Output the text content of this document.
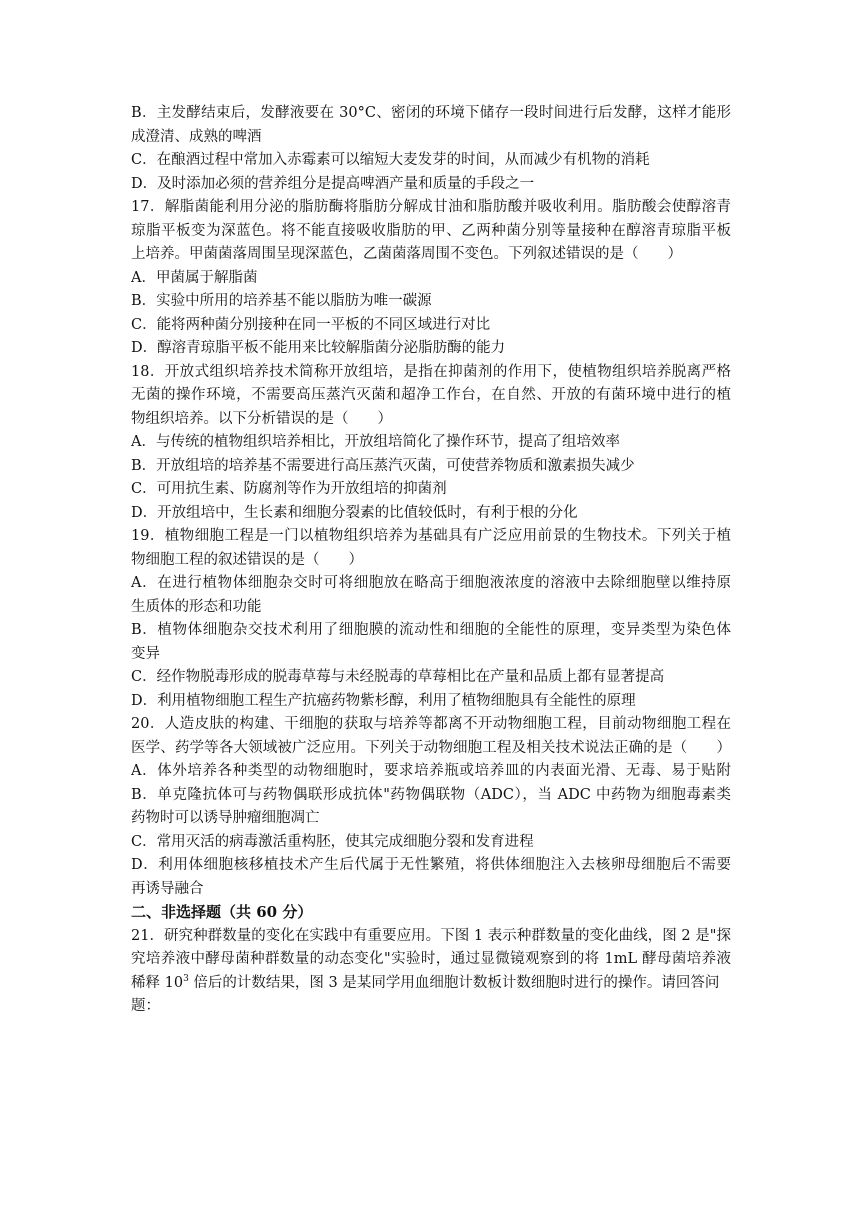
B．主发酵结束后，发酵液要在 30°C、密闭的环境下储存一段时间进行后发酵，这样才能形
成澄清、成熟的啤酒
C．在酿酒过程中常加入赤霉素可以缩短大麦发芽的时间，从而减少有机物的消耗
D．及时添加必须的营养组分是提高啤酒产量和质量的手段之一
17．解脂菌能利用分泌的脂肪酶将脂肪分解成甘油和脂肪酸并吸收利用。脂肪酸会使醇溶青
琼脂平板变为深蓝色。将不能直接吸收脂肪的甲、乙两种菌分别等量接种在醇溶青琼脂平板
上培养。甲菌菌落周围呈现深蓝色，乙菌菌落周围不变色。下列叙述错误的是（　　）
A．甲菌属于解脂菌
B．实验中所用的培养基不能以脂肪为唯一碳源
C．能将两种菌分别接种在同一平板的不同区域进行对比
D．醇溶青琼脂平板不能用来比较解脂菌分泌脂肪酶的能力
18．开放式组织培养技术简称开放组培，是指在抑菌剂的作用下，使植物组织培养脱离严格
无菌的操作环境，不需要高压蒸汽灭菌和超净工作台，在自然、开放的有菌环境中进行的植
物组织培养。以下分析错误的是（　　）
A．与传统的植物组织培养相比，开放组培简化了操作环节，提高了组培效率
B．开放组培的培养基不需要进行高压蒸汽灭菌，可使营养物质和激素损失减少
C．可用抗生素、防腐剂等作为开放组培的抑菌剂
D．开放组培中，生长素和细胞分裂素的比值较低时，有利于根的分化
19．植物细胞工程是一门以植物组织培养为基础具有广泛应用前景的生物技术。下列关于植
物细胞工程的叙述错误的是（　　）
A．在进行植物体细胞杂交时可将细胞放在略高于细胞液浓度的溶液中去除细胞壁以维持原
生质体的形态和功能
B．植物体细胞杂交技术利用了细胞膜的流动性和细胞的全能性的原理，变异类型为染色体
变异
C．经作物脱毒形成的脱毒草莓与未经脱毒的草莓相比在产量和品质上都有显著提高
D．利用植物细胞工程生产抗癌药物紫杉醇，利用了植物细胞具有全能性的原理
20．人造皮肤的构建、干细胞的获取与培养等都离不开动物细胞工程，目前动物细胞工程在
医学、药学等各大领域被广泛应用。下列关于动物细胞工程及相关技术说法正确的是（　　）
A．体外培养各种类型的动物细胞时，要求培养瓶或培养皿的内表面光滑、无毒、易于贴附
B．单克隆抗体可与药物偶联形成抗体"药物偶联物（ADC），当 ADC 中药物为细胞毒素类
药物时可以诱导肿瘤细胞凋亡
C．常用灭活的病毒激活重构胚，使其完成细胞分裂和发育进程
D．利用体细胞核移植技术产生后代属于无性繁殖，将供体细胞注入去核卵母细胞后不需要
再诱导融合
二、非选择题（共 60 分）
21．研究种群数量的变化在实践中有重要应用。下图 1 表示种群数量的变化曲线，图 2 是"探
究培养液中酵母菌种群数量的动态变化"实验时，通过显微镜观察到的将 1mL 酵母菌培养液
稀释 $10^3$ 倍后的计数结果，图 3 是某同学用血细胞计数板计数细胞时进行的操作。请回答问
题：
